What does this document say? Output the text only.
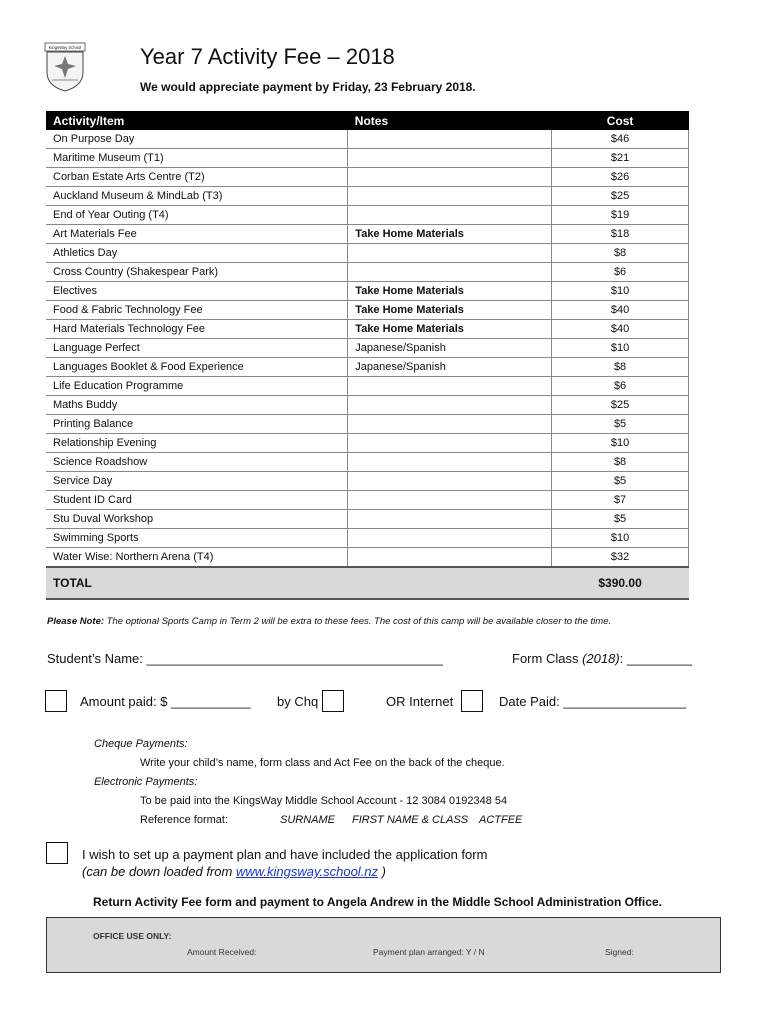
KingsWay School	Year 7 Activity Fee – 2018
We would appreciate payment by Friday, 23 February 2018.
Activity/Item	Notes	Cost
On Purpose Day		$46
Maritime Museum (T1)		$21
Corban Estate Arts Centre (T2)		$26
Auckland Museum & MindLab (T3)		$25
End of Year Outing (T4)		$19
Art Materials Fee	Take Home Materials	$18
Athletics Day		$8
Cross Country (Shakespear Park)		$6
Electives	Take Home Materials	$10
Food & Fabric Technology Fee	Take Home Materials	$40
Hard Materials Technology Fee	Take Home Materials	$40
Language Perfect	Japanese/Spanish	$10
Languages Booklet & Food Experience	Japanese/Spanish	$8
Life Education Programme		$6
Maths Buddy		$25
Printing Balance		$5
Relationship Evening		$10
Science Roadshow		$8
Service Day		$5
Student ID Card		$7
Stu Duval Workshop		$5
Swimming Sports		$10
Water Wise: Northern Arena (T4)		$32
TOTAL		$390.00
Please Note: The optional Sports Camp in Term 2 will be extra to these fees. The cost of this camp will be available closer to the time.
Student’s Name: _________________________________________	Form Class (2018): _________
Amount paid: $ ___________ by Chq	OR Internet	Date Paid: _________________
Cheque Payments:
Write your child’s name, form class and Act Fee on the back of the cheque.
Electronic Payments:
To be paid into the KingsWay Middle School Account - 12 3084 0192348 54
Reference format:	SURNAME FIRST NAME & CLASS ACTFEE
I wish to set up a payment plan and have included the application form
(can be down loaded from www.kingsway.school.nz )
Return Activity Fee form and payment to Angela Andrew in the Middle School Administration Office.
OFFICE USE ONLY:
Amount Received:	Payment plan arranged: Y / N	Signed:
